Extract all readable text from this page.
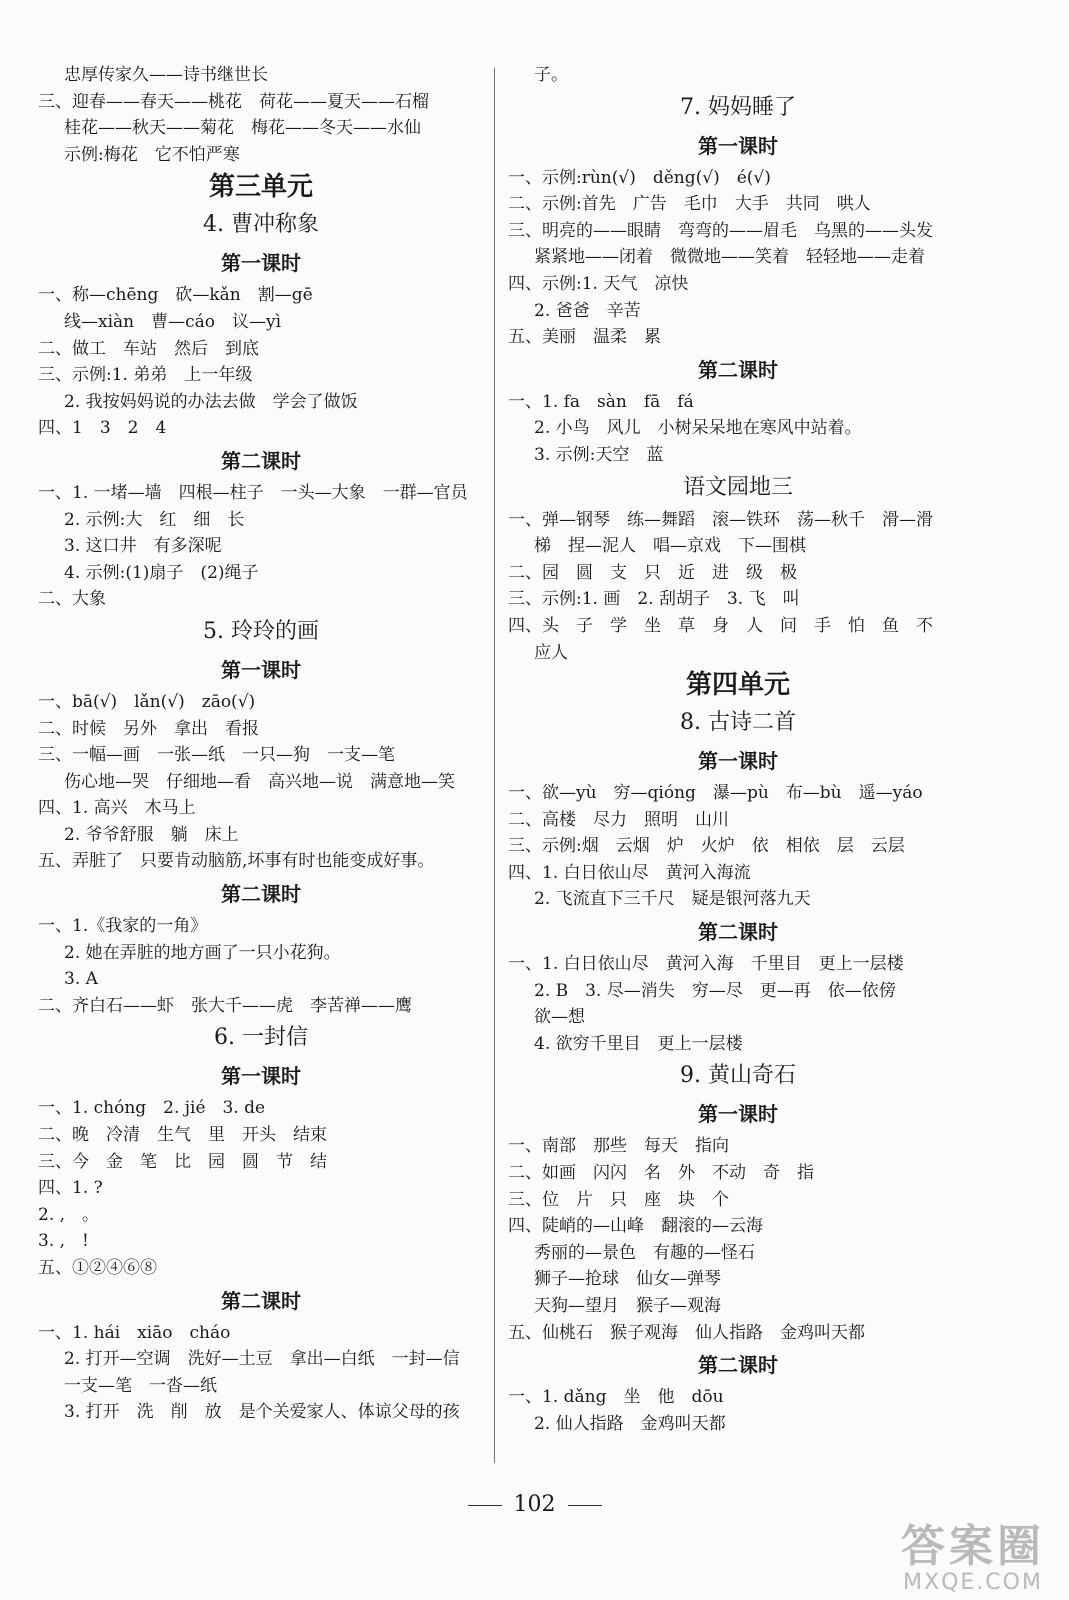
忠厚传家久——诗书继世长
三、迎春——春天——桃花　荷花——夏天——石榴
桂花——秋天——菊花　梅花——冬天——水仙
示例:梅花　它不怕严寒
第三单元
4. 曹冲称象
第一课时
一、称—chēng　砍—kǎn　割—gē
线—xiàn　曹—cáo　议—yì
二、做工　车站　然后　到底
三、示例:1. 弟弟　上一年级
2. 我按妈妈说的办法去做　学会了做饭
四、1　3　2　4
第二课时
一、1. 一堵—墙　四根—柱子　一头—大象　一群—官员
2. 示例:大　红　细　长
3. 这口井　有多深呢
4. 示例:(1)扇子　(2)绳子
二、大象
5. 玲玲的画
第一课时
一、bā(√)　lǎn(√)　zāo(√)
二、时候　另外　拿出　看报
三、一幅—画　一张—纸　一只—狗　一支—笔
伤心地—哭　仔细地—看　高兴地—说　满意地—笑
四、1. 高兴　木马上
2. 爷爷舒服　躺　床上
五、弄脏了　只要肯动脑筋,坏事有时也能变成好事。
第二课时
一、1.《我家的一角》
2. 她在弄脏的地方画了一只小花狗。
3. A
二、齐白石——虾　张大千——虎　李苦禅——鹰
6. 一封信
第一课时
一、1. chóng　2. jié　3. de
二、晚　冷清　生气　里　开头　结束
三、今　金　笔　比　园　圆　节　结
四、1. ?
2. ,　。
3. ,　!
五、①②④⑥⑧
第二课时
一、1. hái　xiāo　cháo
2. 打开—空调　洗好—土豆　拿出—白纸　一封—信
一支—笔　一沓—纸
3. 打开　洗　削　放　是个关爱家人、体谅父母的孩
子。
7. 妈妈睡了
第一课时
一、示例:rùn(√)　děng(√)　é(√)
二、示例:首先　广告　毛巾　大手　共同　哄人
三、明亮的——眼睛　弯弯的——眉毛　乌黑的——头发
紧紧地——闭着　微微地——笑着　轻轻地——走着
四、示例:1. 天气　凉快
2. 爸爸　辛苦
五、美丽　温柔　累
第二课时
一、1. fa　sàn　fā　fá
2. 小鸟　风儿　小树呆呆地在寒风中站着。
3. 示例:天空　蓝
语文园地三
一、弹—钢琴　练—舞蹈　滚—铁环　荡—秋千　滑—滑
梯　捏—泥人　唱—京戏　下—围棋
二、园　圆　支　只　近　进　级　极
三、示例:1. 画　2. 刮胡子　3. 飞　叫
四、头　子　学　坐　草　身　人　问　手　怕　鱼　不
应人
第四单元
8. 古诗二首
第一课时
一、欲—yù　穷—qióng　瀑—pù　布—bù　遥—yáo
二、高楼　尽力　照明　山川
三、示例:烟　云烟　炉　火炉　依　相依　层　云层
四、1. 白日依山尽　黄河入海流
2. 飞流直下三千尺　疑是银河落九天
第二课时
一、1. 白日依山尽　黄河入海　千里目　更上一层楼
2. B　3. 尽—消失　穷—尽　更—再　依—依傍
欲—想
4. 欲穷千里目　更上一层楼
9. 黄山奇石
第一课时
一、南部　那些　每天　指向
二、如画　闪闪　名　外　不动　奇　指
三、位　片　只　座　块　个
四、陡峭的—山峰　翻滚的—云海
秀丽的—景色　有趣的—怪石
狮子—抢球　仙女—弹琴
天狗—望月　猴子—观海
五、仙桃石　猴子观海　仙人指路　金鸡叫天都
第二课时
一、1. dǎng　坐　他　dōu
2. 仙人指路　金鸡叫天都
102
答案圈
MXQE.COM
